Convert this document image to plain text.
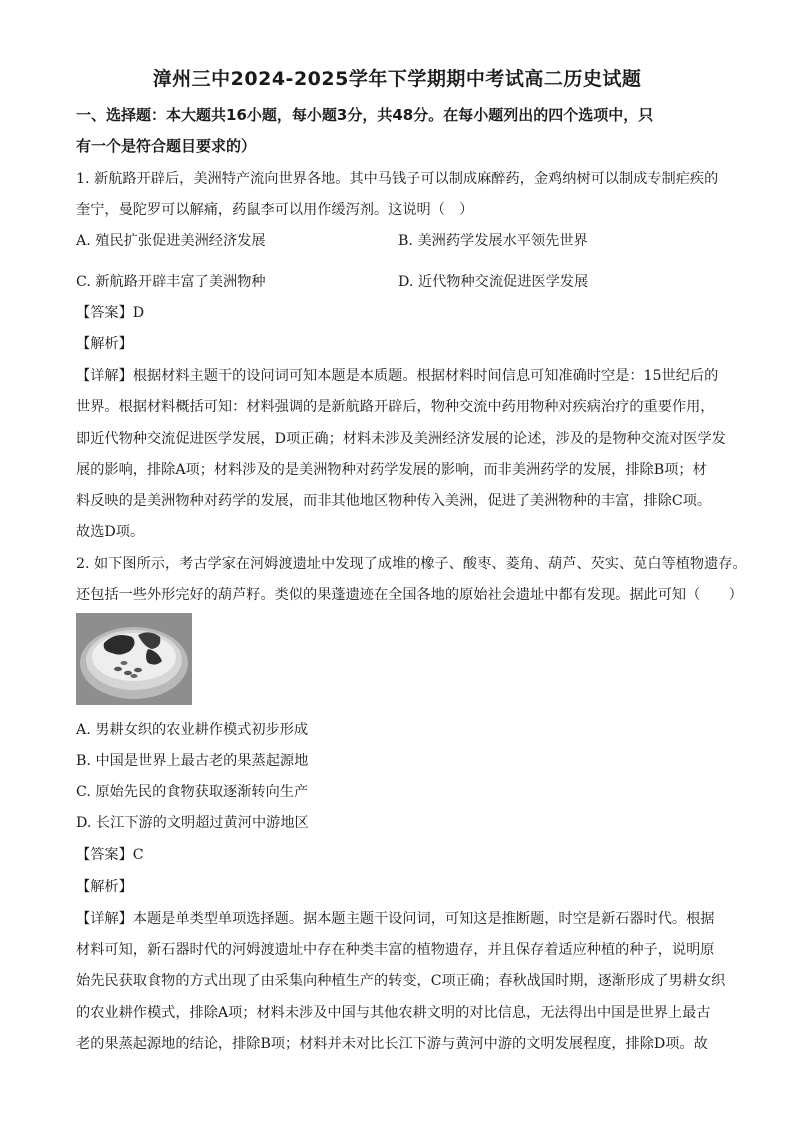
漳州三中2024-2025学年下学期期中考试高二历史试题
一、选择题：本大题共16小题，每小题3分，共48分。在每小题列出的四个选项中，只
有一个是符合题目要求的）
1. 新航路开辟后，美洲特产流向世界各地。其中马钱子可以制成麻醉药，金鸡纳树可以制成专制疟疾的
奎宁，曼陀罗可以解痛，药鼠李可以用作缓泻剂。这说明（　）
A. 殖民扩张促进美洲经济发展	B. 美洲药学发展水平领先世界
C. 新航路开辟丰富了美洲物种	D. 近代物种交流促进医学发展
【答案】D
【解析】
【详解】根据材料主题干的设问词可知本题是本质题。根据材料时间信息可知准确时空是：15世纪后的
世界。根据材料概括可知：材料强调的是新航路开辟后，物种交流中药用物种对疾病治疗的重要作用，
即近代物种交流促进医学发展，D项正确；材料未涉及美洲经济发展的论述，涉及的是物种交流对医学发
展的影响，排除A项；材料涉及的是美洲物种对药学发展的影响，而非美洲药学的发展，排除B项；材
料反映的是美洲物种对药学的发展，而非其他地区物种传入美洲，促进了美洲物种的丰富，排除C项。
故选D项。
2. 如下图所示，考古学家在河姆渡遗址中发现了成堆的橡子、酸枣、菱角、葫芦、芡实、苋白等植物遗存。
还包括一些外形完好的葫芦籽。类似的果蓬遗迹在全国各地的原始社会遗址中都有发现。据此可知（　　）
A. 男耕女织的农业耕作模式初步形成
B. 中国是世界上最古老的果蒸起源地
C. 原始先民的食物获取逐渐转向生产
D. 长江下游的文明超过黄河中游地区
【答案】C
【解析】
【详解】本题是单类型单项选择题。据本题主题干设问词，可知这是推断题，时空是新石器时代。根据
材料可知，新石器时代的河姆渡遗址中存在种类丰富的植物遗存，并且保存着适应种植的种子，说明原
始先民获取食物的方式出现了由采集向种植生产的转变，C项正确；春秋战国时期，逐渐形成了男耕女织
的农业耕作模式，排除A项；材料未涉及中国与其他农耕文明的对比信息，无法得出中国是世界上最古
老的果蒸起源地的结论，排除B项；材料并未对比长江下游与黄河中游的文明发展程度，排除D项。故
